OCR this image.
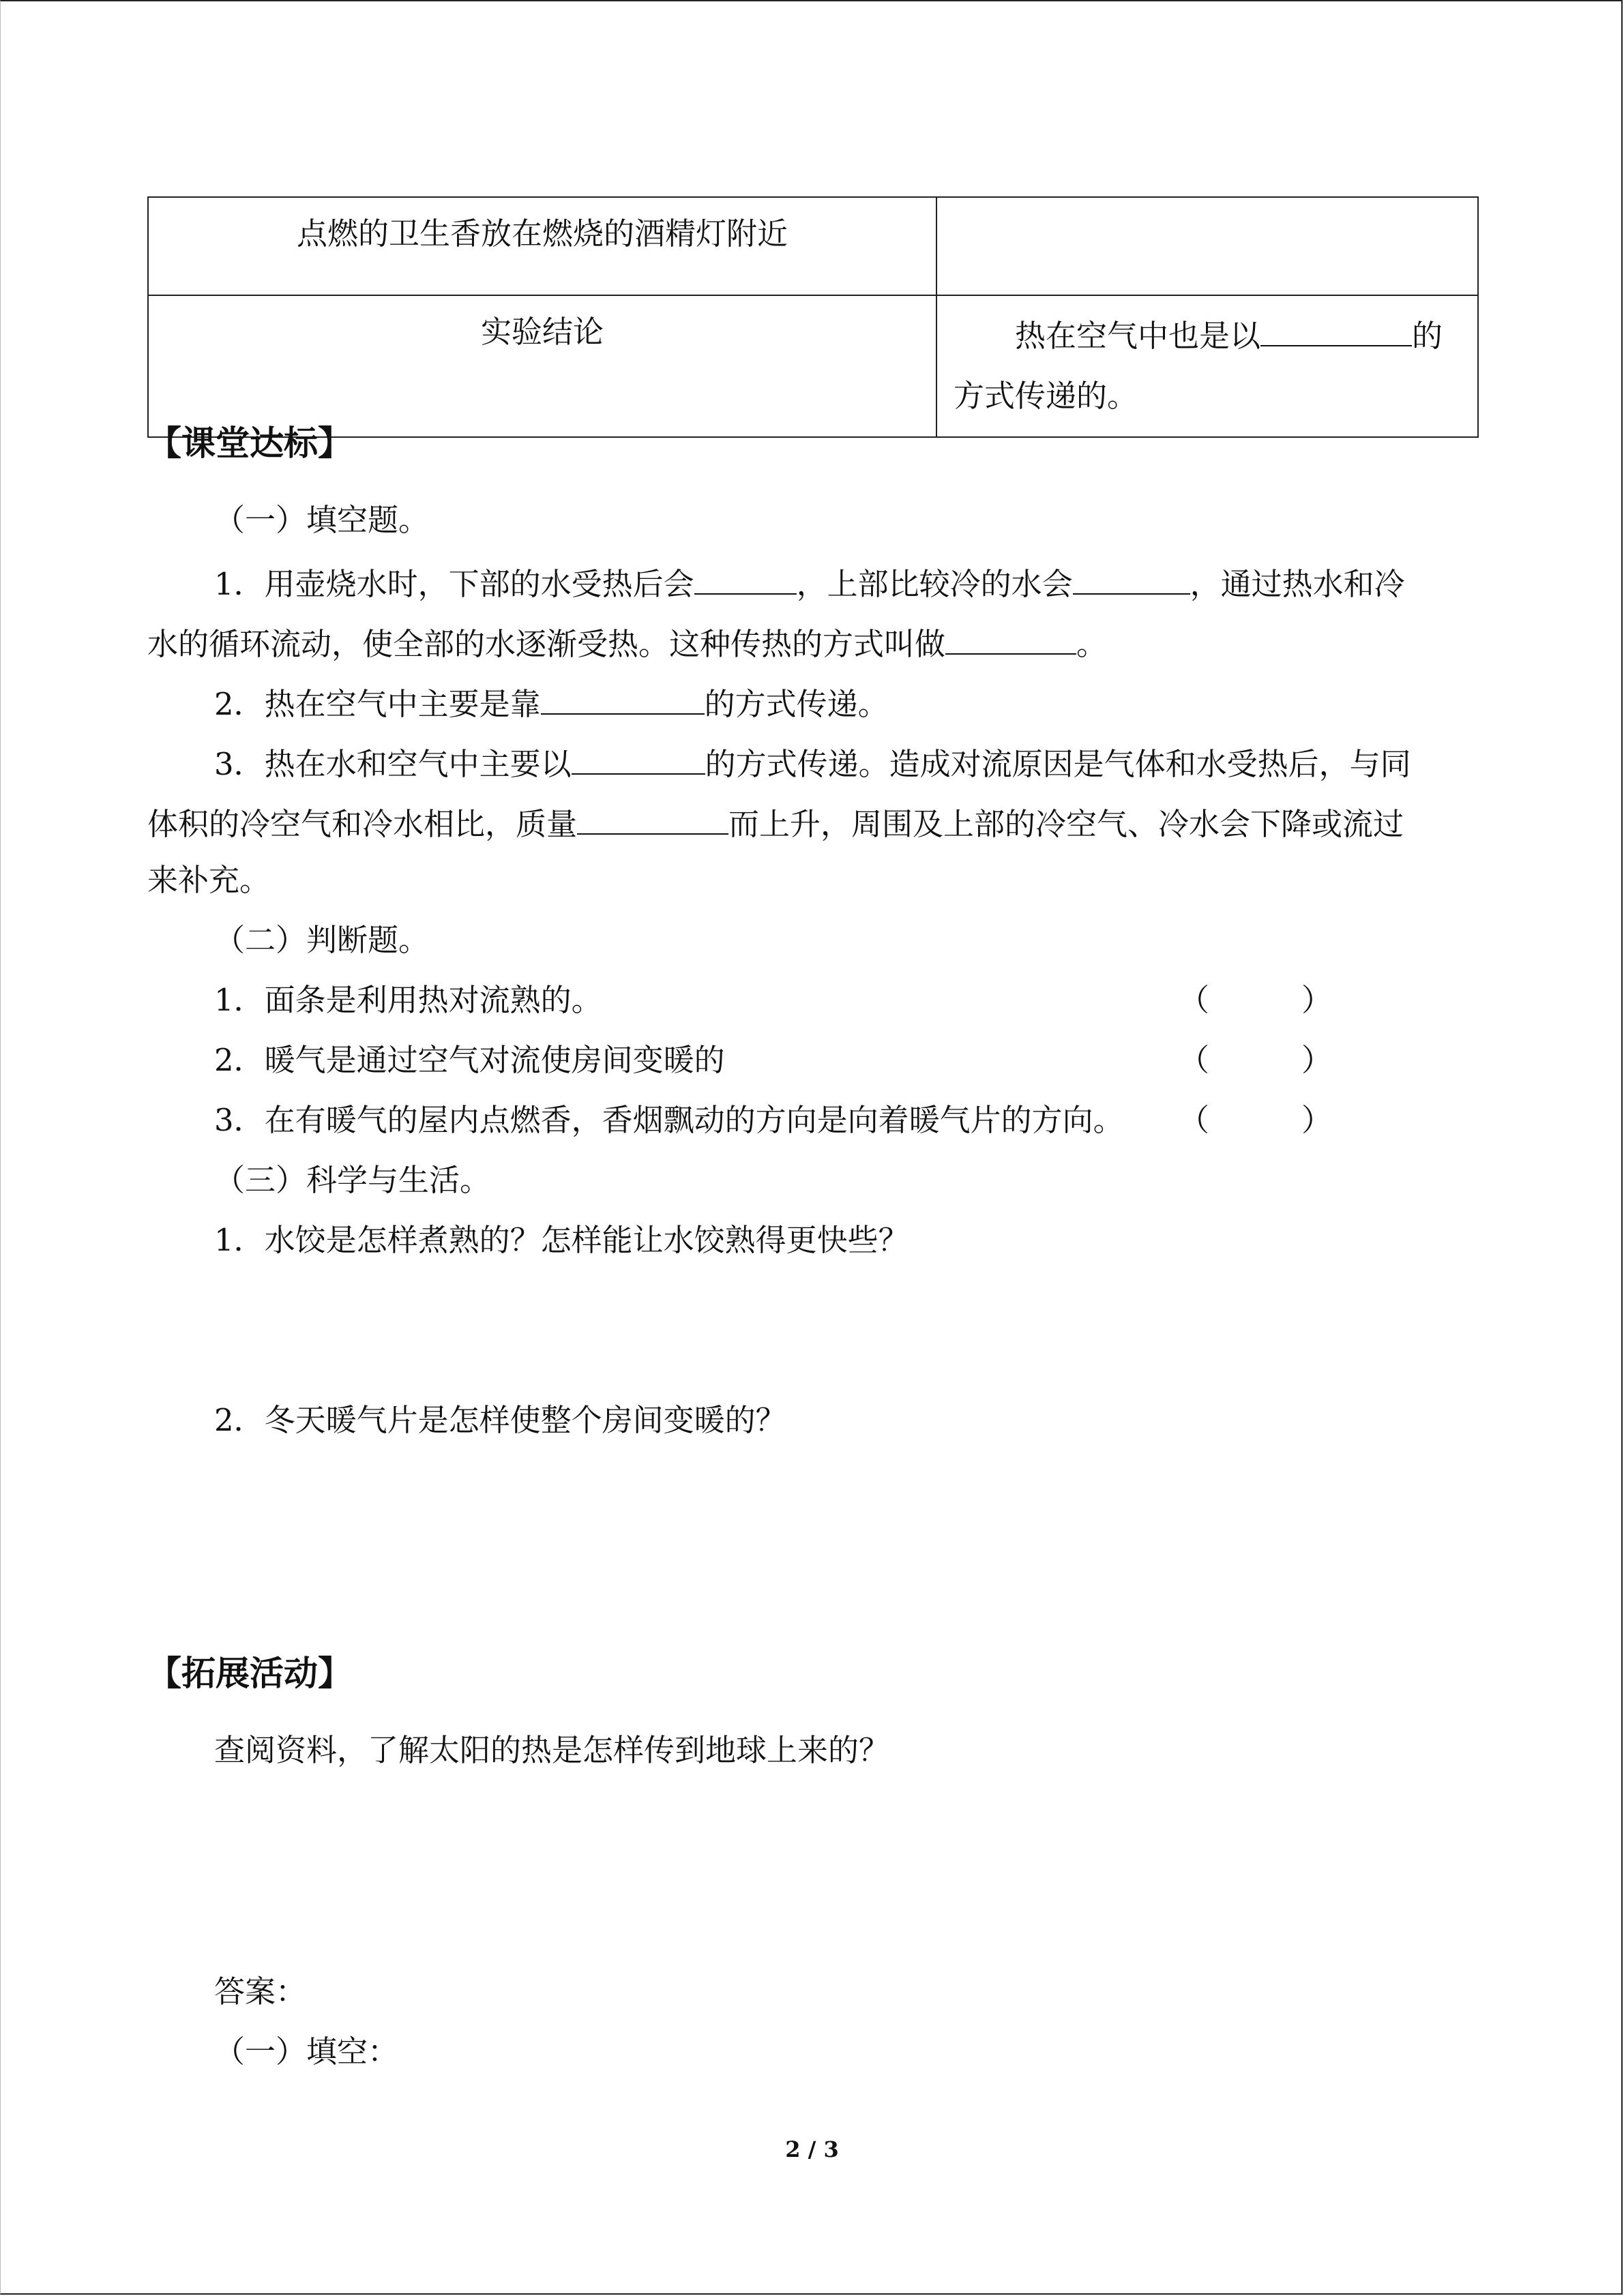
点燃的卫生香放在燃烧的酒精灯附近	
实验结论	热在空气中也是以 的
方式传递的。
【课堂达标】

（一）填空题。

1．用壶烧水时，下部的水受热后会	，上部比较冷的水会	，通过热水和冷

水的循环流动，使全部的水逐渐受热。这种传热的方式叫做	。

2．热在空气中主要是靠	的方式传递。

3．热在水和空气中主要以	的方式传递。造成对流原因是气体和水受热后，与同

体积的冷空气和冷水相比，质量	而上升，周围及上部的冷空气、冷水会下降或流过

来补充。

（二）判断题。

1．面条是利用热对流熟的。	（　　　）
2．暖气是通过空气对流使房间变暖的	（　　　）
3．在有暖气的屋内点燃香，香烟飘动的方向是向着暖气片的方向。 （　　　）

（三）科学与生活。

1．水饺是怎样煮熟的？怎样能让水饺熟得更快些？

2．冬天暖气片是怎样使整个房间变暖的？

【拓展活动】

查阅资料，了解太阳的热是怎样传到地球上来的？

答案：

（一）填空：

2 / 3
